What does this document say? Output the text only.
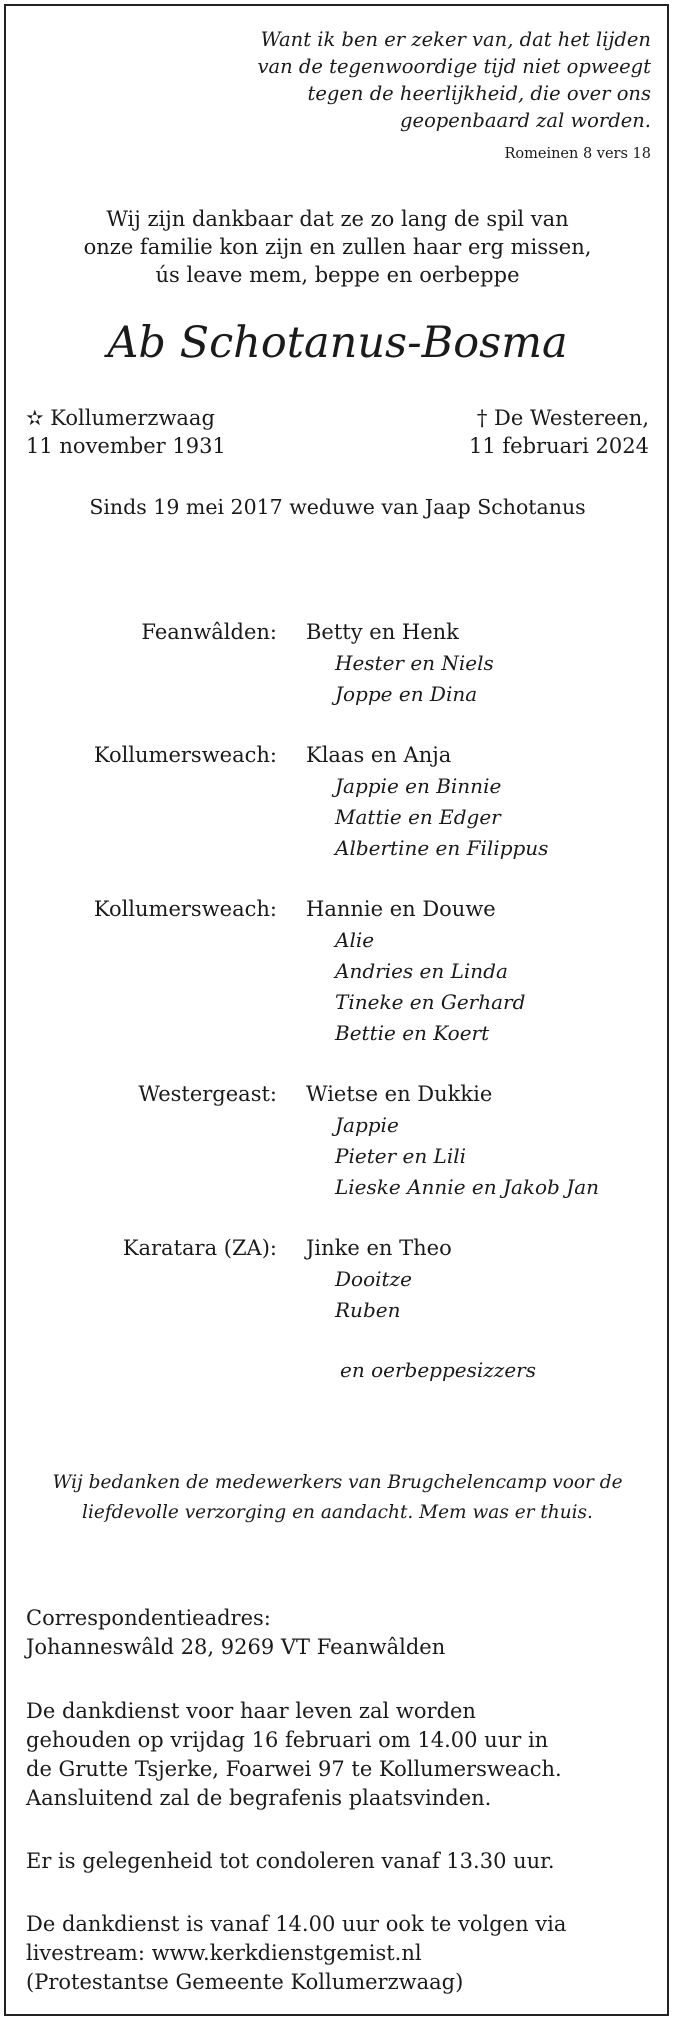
Want ik ben er zeker van, dat het lijden
van de tegenwoordige tijd niet opweegt
tegen de heerlijkheid, die over ons
geopenbaard zal worden.
Romeinen 8 vers 18
Wij zijn dankbaar dat ze zo lang de spil van
onze familie kon zijn en zullen haar erg missen,
ús leave mem, beppe en oerbeppe
Ab Schotanus-Bosma
✫ Kollumerzwaag
11 november 1931
† De Westereen,
11 februari 2024
Sinds 19 mei 2017 weduwe van Jaap Schotanus
Feanwâlden: Betty en Henk
Hester en Niels
Joppe en Dina
Kollumersweach: Klaas en Anja
Jappie en Binnie
Mattie en Edger
Albertine en Filippus
Kollumersweach: Hannie en Douwe
Alie
Andries en Linda
Tineke en Gerhard
Bettie en Koert
Westergeast: Wietse en Dukkie
Jappie
Pieter en Lili
Lieske Annie en Jakob Jan
Karatara (ZA): Jinke en Theo
Dooitze
Ruben
en oerbeppesizzers
Wij bedanken de medewerkers van Brugchelencamp voor de
liefdevolle verzorging en aandacht. Mem was er thuis.
Correspondentieadres:
Johanneswâld 28, 9269 VT Feanwâlden
De dankdienst voor haar leven zal worden
gehouden op vrijdag 16 februari om 14.00 uur in
de Grutte Tsjerke, Foarwei 97 te Kollumersweach.
Aansluitend zal de begrafenis plaatsvinden.
Er is gelegenheid tot condoleren vanaf 13.30 uur.
De dankdienst is vanaf 14.00 uur ook te volgen via
livestream: www.kerkdienstgemist.nl
(Protestantse Gemeente Kollumerzwaag)
